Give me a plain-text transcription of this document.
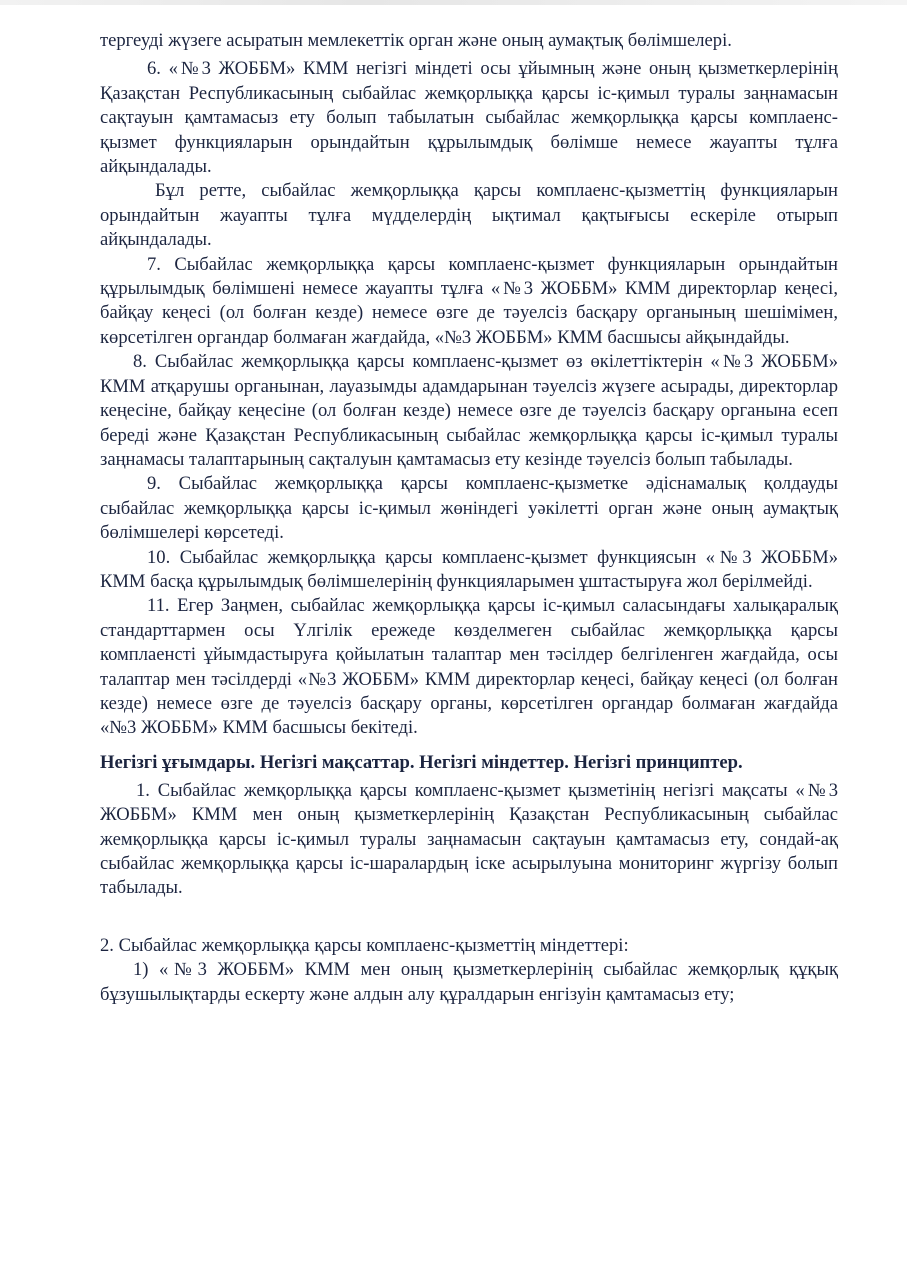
тергеуді жүзеге асыратын мемлекеттік орган және оның аумақтық бөлімшелері.

6. «№3 ЖОББМ» КММ негізгі міндеті осы ұйымның және оның қызметкерлерінің Қазақстан Республикасының сыбайлас жемқорлыққа қарсы іс-қимыл туралы заңнамасын сақтауын қамтамасыз ету болып табылатын сыбайлас жемқорлыққа қарсы комплаенс-қызмет функцияларын орындайтын құрылымдық бөлімше немесе жауапты тұлға айқындалады.

Бұл ретте, сыбайлас жемқорлыққа қарсы комплаенс-қызметтің функцияларын орындайтын жауапты тұлға мүдделердің ықтимал қақтығысы ескеріле отырып айқындалады.

7. Сыбайлас жемқорлыққа қарсы комплаенс-қызмет функцияларын орындайтын құрылымдық бөлімшені немесе жауапты тұлға «№3 ЖОББМ» КММ директорлар кеңесі, байқау кеңесі (ол болған кезде) немесе өзге де тәуелсіз басқару органының шешімімен, көрсетілген органдар болмаған жағдайда, «№3 ЖОББМ» КММ басшысы айқындайды.

8. Сыбайлас жемқорлыққа қарсы комплаенс-қызмет өз өкілеттіктерін «№3 ЖОББМ» КММ атқарушы органынан, лауазымды адамдарынан тәуелсіз жүзеге асырады, директорлар кеңесіне, байқау кеңесіне (ол болған кезде) немесе өзге де тәуелсіз басқару органына есеп береді және Қазақстан Республикасының сыбайлас жемқорлыққа қарсы іс-қимыл туралы заңнамасы талаптарының сақталуын қамтамасыз ету кезінде тәуелсіз болып табылады.

9. Сыбайлас жемқорлыққа қарсы комплаенс-қызметке әдіснамалық қолдауды сыбайлас жемқорлыққа қарсы іс-қимыл жөніндегі уәкілетті орган және оның аумақтық бөлімшелері көрсетеді.

10. Сыбайлас жемқорлыққа қарсы комплаенс-қызмет функциясын «№3 ЖОББМ» КММ басқа құрылымдық бөлімшелерінің функцияларымен ұштастыруға жол берілмейді.

11. Егер Заңмен, сыбайлас жемқорлыққа қарсы іс-қимыл саласындағы халықаралық стандарттармен осы Үлгілік ережеде көзделмеген сыбайлас жемқорлыққа қарсы комплаенсті ұйымдастыруға қойылатын талаптар мен тәсілдер белгіленген жағдайда, осы талаптар мен тәсілдерді «№3 ЖОББМ» КММ директорлар кеңесі, байқау кеңесі (ол болған кезде) немесе өзге де тәуелсіз басқару органы, көрсетілген органдар болмаған жағдайда «№3 ЖОББМ» КММ басшысы бекітеді.

Негізгі ұғымдары. Негізгі мақсаттар. Негізгі міндеттер. Негізгі принциптер.

1. Сыбайлас жемқорлыққа қарсы комплаенс-қызмет қызметінің негізгі мақсаты «№3 ЖОББМ» КММ мен оның қызметкерлерінің Қазақстан Республикасының сыбайлас жемқорлыққа қарсы іс-қимыл туралы заңнамасын сақтауын қамтамасыз ету, сондай-ақ сыбайлас жемқорлыққа қарсы іс-шаралардың іске асырылуына мониторинг жүргізу болып табылады.

2. Сыбайлас жемқорлыққа қарсы комплаенс-қызметтің міндеттері:

1) «№3 ЖОББМ» КММ мен оның қызметкерлерінің сыбайлас жемқорлық құқық бұзушылықтарды ескерту және алдын алу құралдарын енгізуін қамтамасыз ету;
